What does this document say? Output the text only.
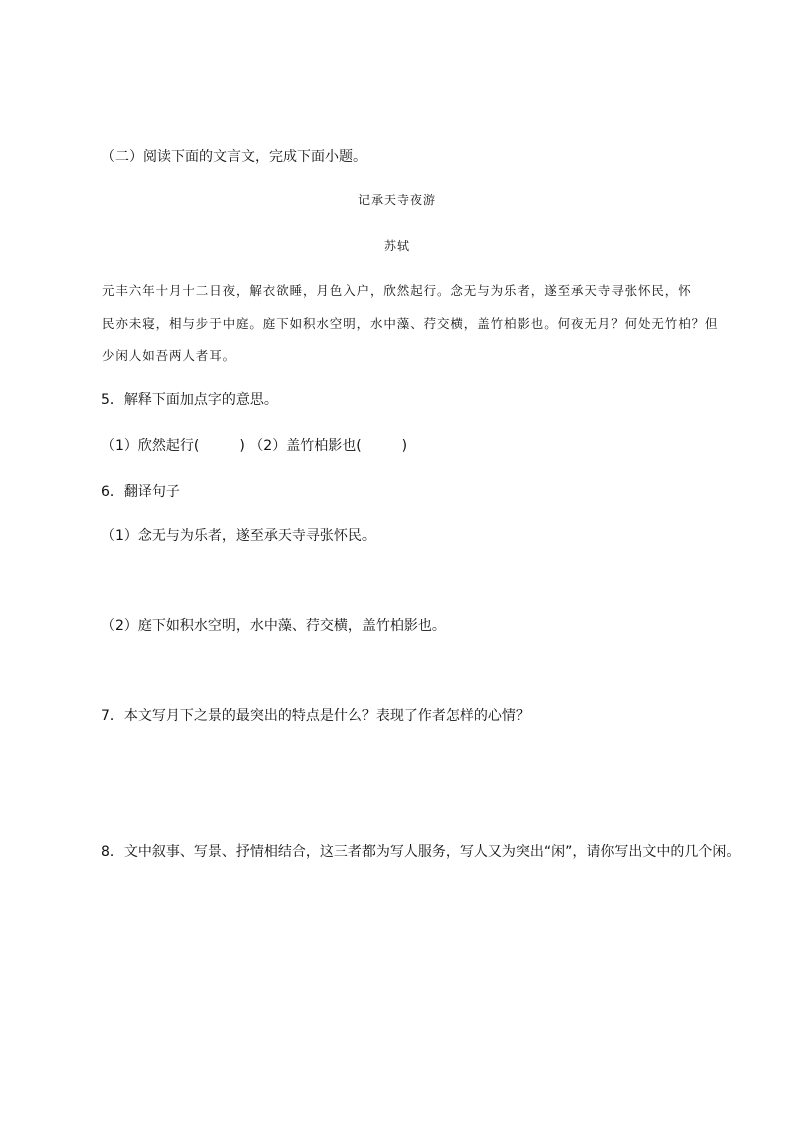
（二）阅读下面的文言文，完成下面小题。
记承天寺夜游
苏轼
元丰六年十月十二日夜，解衣欲睡，月色入户，欣然起行。念无与为乐者，遂至承天寺寻张怀民，怀
民亦未寝，相与步于中庭。庭下如积水空明，水中藻、荇交横，盖竹柏影也。何夜无月？何处无竹柏？但
少闲人如吾两人者耳。
5．解释下面加点字的意思。
（1）欣然起行(	) （2）盖竹柏影也(	)
6．翻译句子
（1）念无与为乐者，遂至承天寺寻张怀民。
（2）庭下如积水空明，水中藻、荇交横，盖竹柏影也。
7．本文写月下之景的最突出的特点是什么？表现了作者怎样的心情？
8．文中叙事、写景、抒情相结合，这三者都为写人服务，写人又为突出“闲”，请你写出文中的几个闲。
